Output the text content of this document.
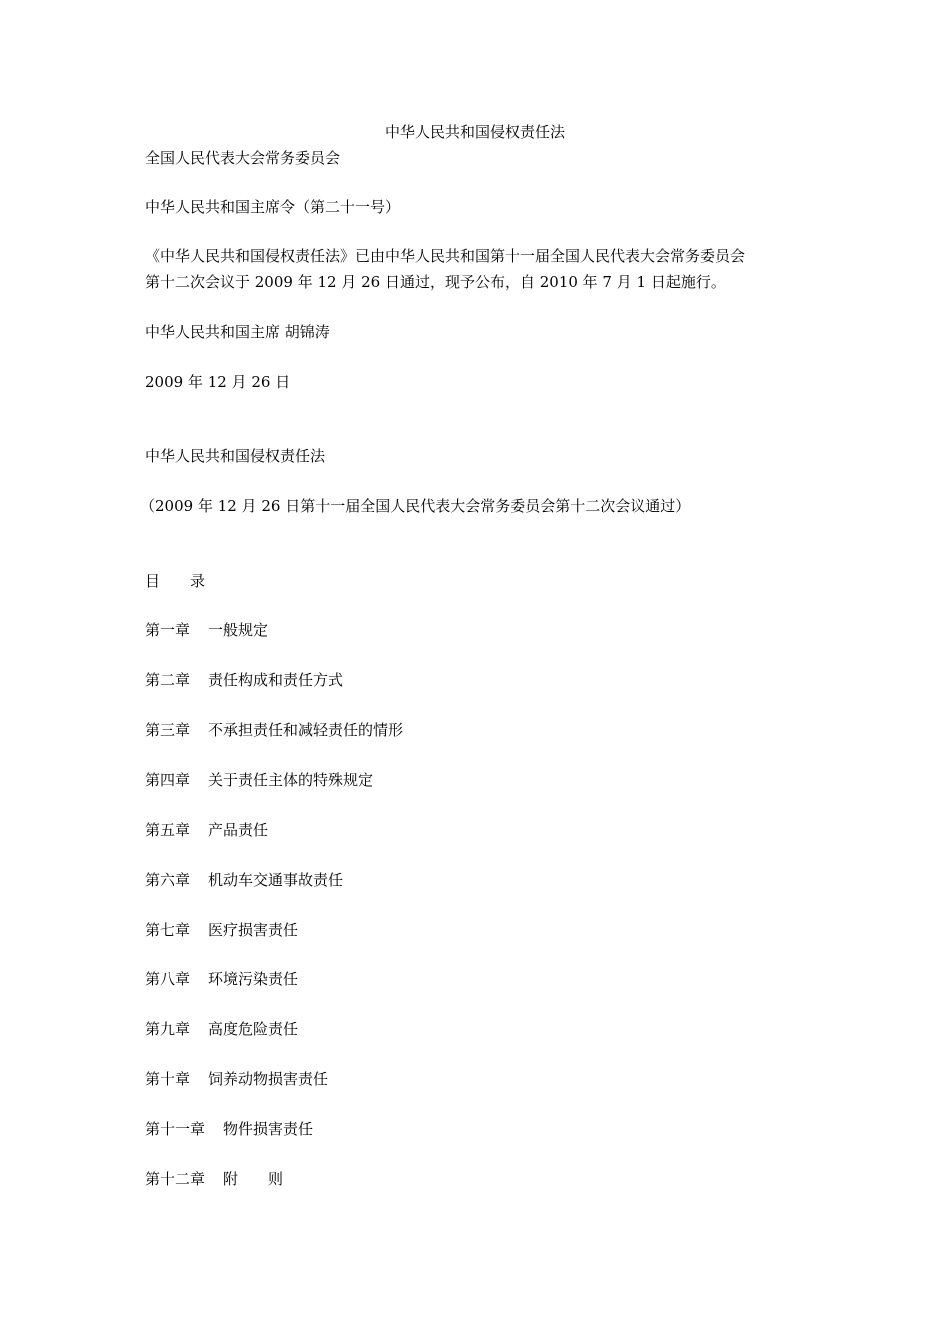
中华人民共和国侵权责任法
全国人民代表大会常务委员会
中华人民共和国主席令（第二十一号）
《中华人民共和国侵权责任法》已由中华人民共和国第十一届全国人民代表大会常务委员会
第十二次会议于 2009 年 12 月 26 日通过，现予公布，自 2010 年 7 月 1 日起施行。
中华人民共和国主席 胡锦涛
2009 年 12 月 26 日
中华人民共和国侵权责任法
（2009 年 12 月 26 日第十一届全国人民代表大会常务委员会第十二次会议通过）
目　　录
第一章 一般规定
第二章 责任构成和责任方式
第三章 不承担责任和减轻责任的情形
第四章 关于责任主体的特殊规定
第五章 产品责任
第六章 机动车交通事故责任
第七章 医疗损害责任
第八章 环境污染责任
第九章 高度危险责任
第十章 饲养动物损害责任
第十一章 物件损害责任
第十二章 附　　则
